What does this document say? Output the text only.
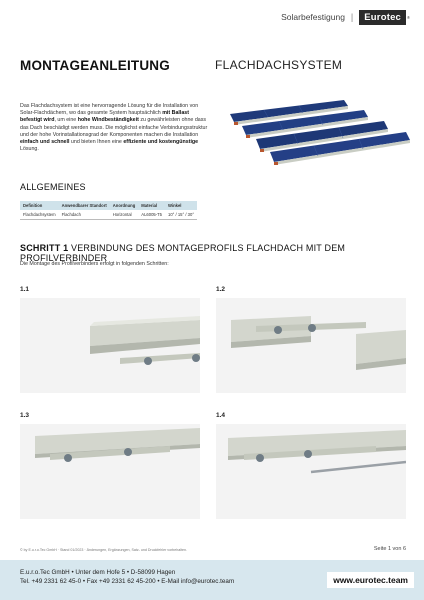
Solarbefestigung |	Eurotec	®
MONTAGEANLEITUNG	FLACHDACHSYSTEM
Das Flachdachsystem ist eine hervorragende Lösung für die Installation von Solar-Flachdächern, wo das gesamte System hauptsächlich mit Ballast befestigt wird, um eine hohe Windbeständigkeit zu gewährleisten ohne dass das Dach beschädigt werden muss. Die möglichst einfache Verbindungsstruktur und der hohe Vorinstallationsgrad der Komponenten machen die Installation einfach und schnell und bieten Ihnen eine effiziente und kostengünstige Lösung.
ALLGEMEINES
Definition	Anwendbarer Standort	Anordnung	Material	Winkel
Flachdachsystem	Flachdach	Horizontal	AL6005-T5	10° / 15° / 30°
SCHRITT 1 VERBINDUNG DES MONTAGEPROFILS FLACHDACH MIT DEM PROFILVERBINDER
Die Montage des Profilverbinders erfolgt in folgenden Schritten:
1.1	1.2
1.3	1.4
© by E.u.r.o.Tec GmbH · Stand 01/2023 · Änderungen, Ergänzungen, Satz- und Druckfehler vorbehalten.	Seite 1 von 6
E.u.r.o.Tec GmbH • Unter dem Hofe 5 • D-58099 Hagen
Tel. +49 2331 62 45-0 • Fax +49 2331 62 45-200 • E-Mail info@eurotec.team	www.eurotec.team
